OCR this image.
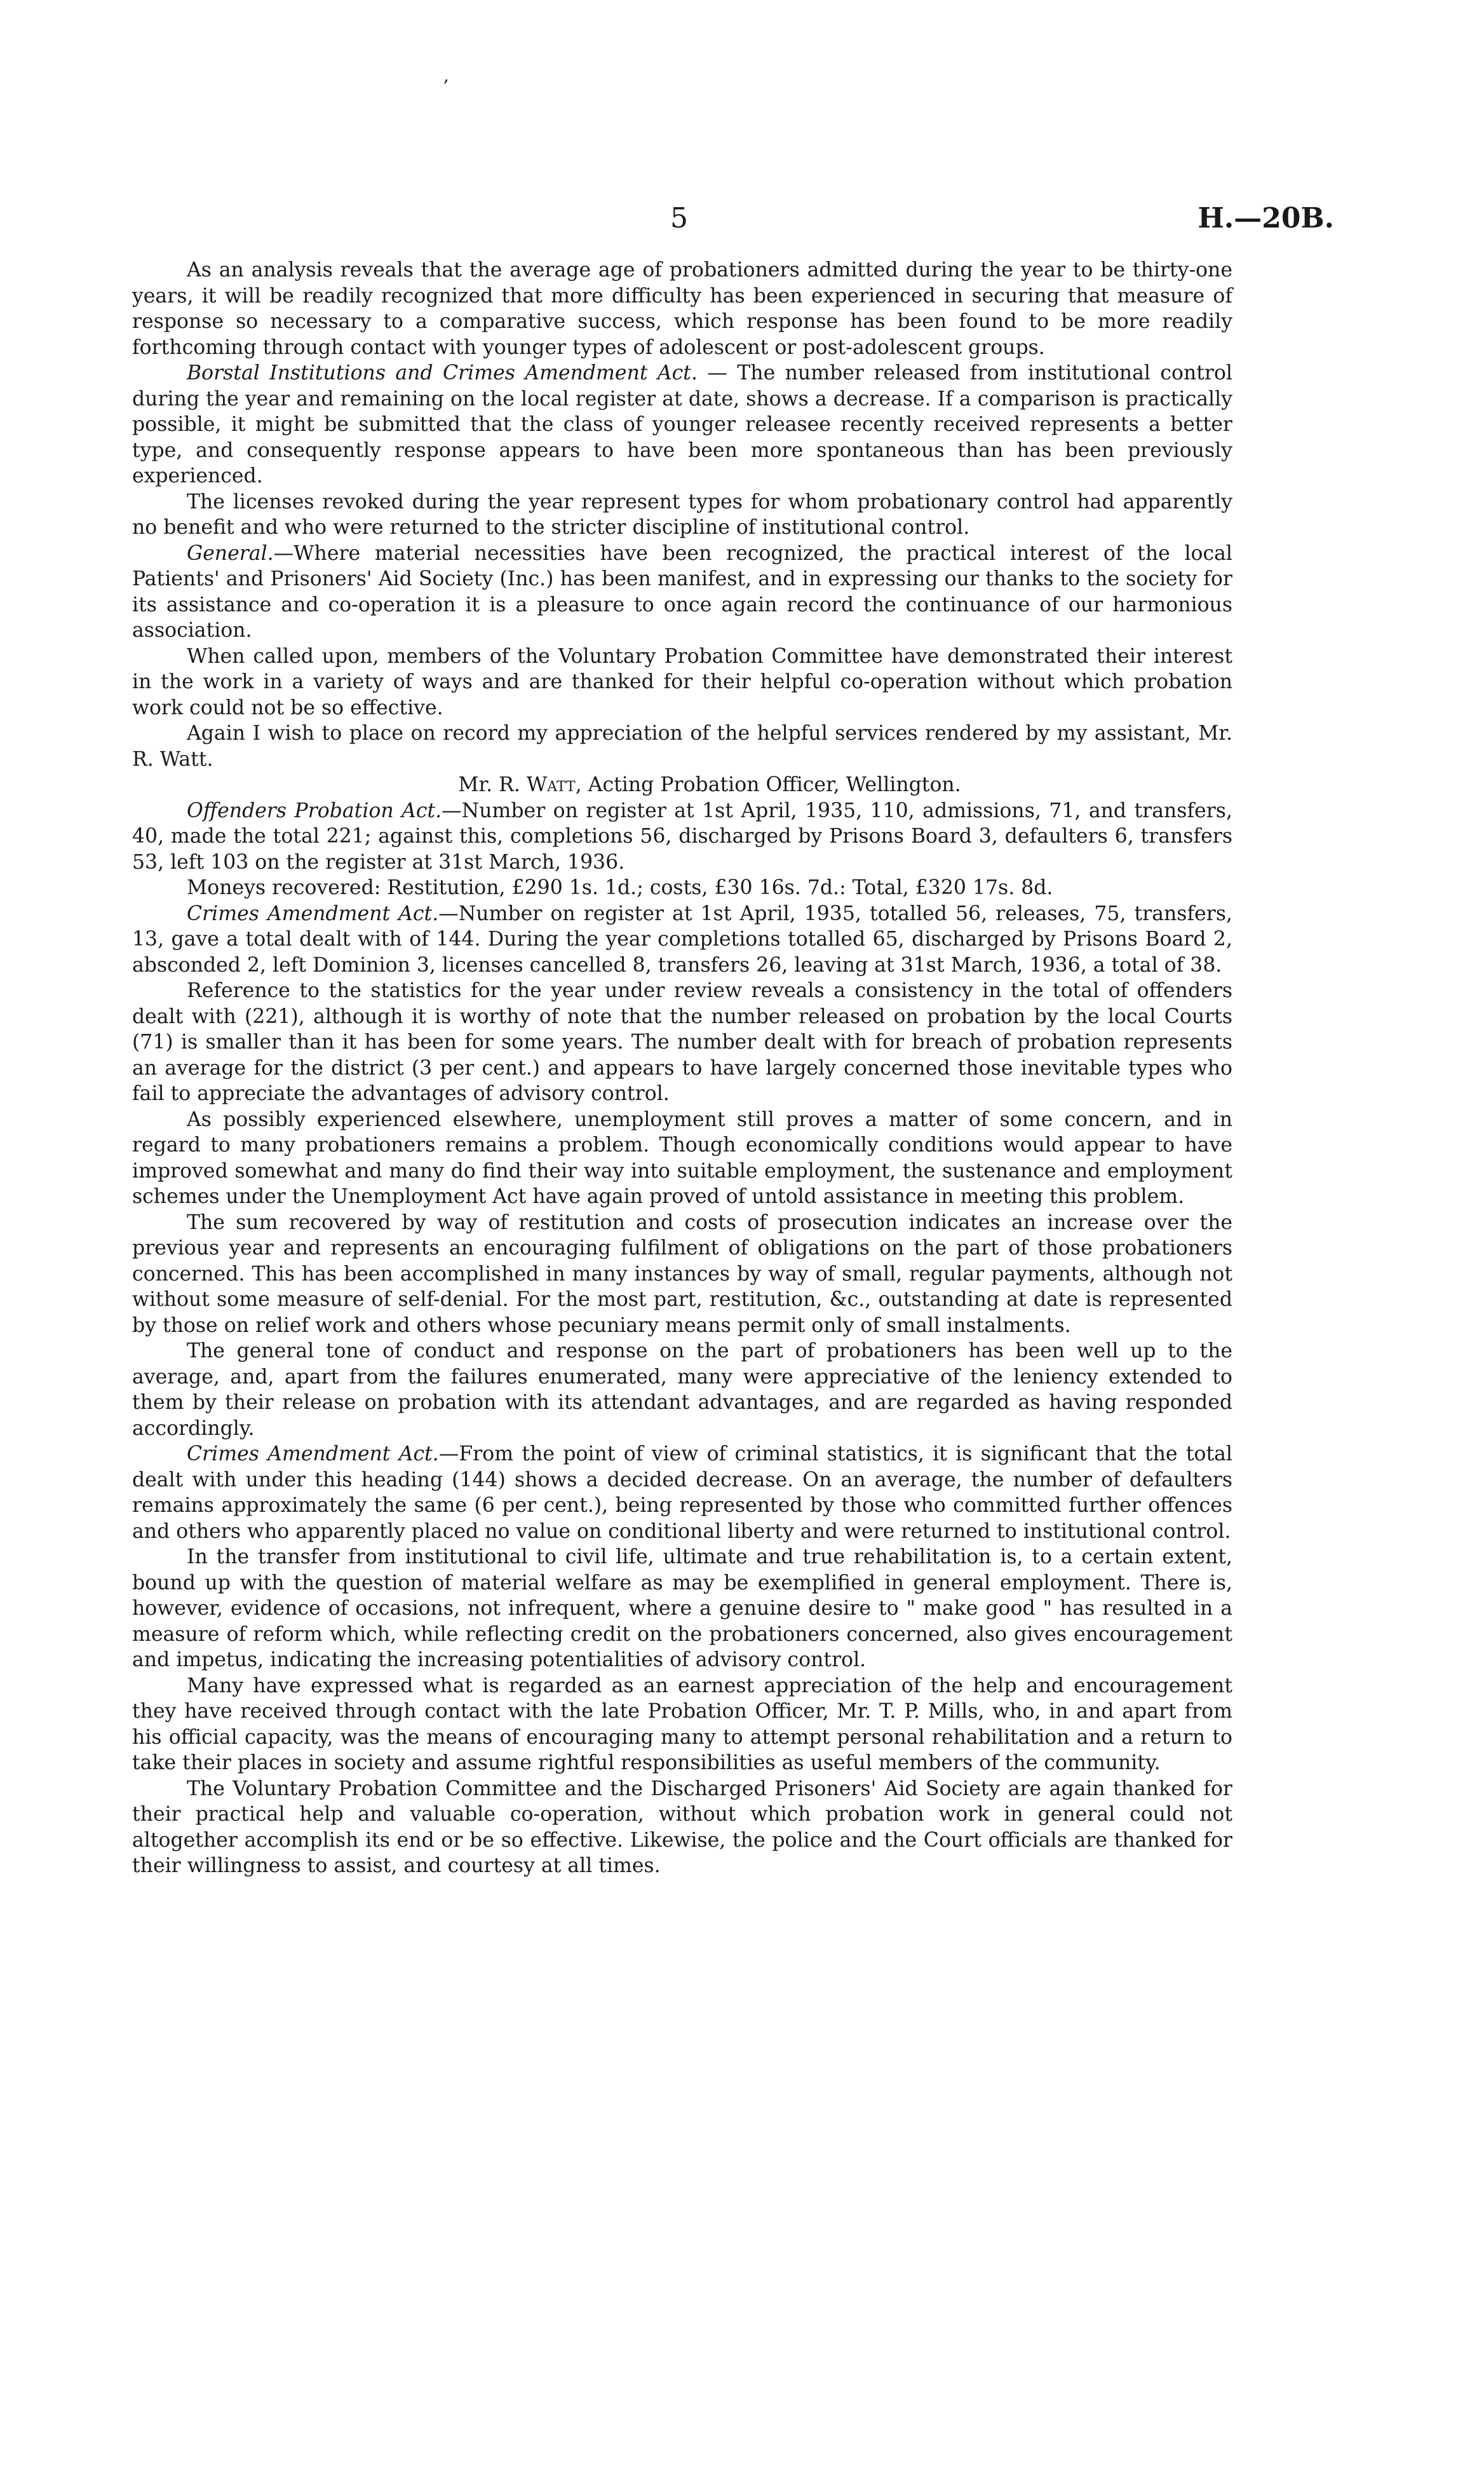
,
5	H.—20B.

As an analysis reveals that the average age of probationers admitted during the year to be thirty-one years, it will be readily recognized that more difficulty has been experienced in securing that measure of response so necessary to a comparative success, which response has been found to be more readily forthcoming through contact with younger types of adolescent or post-adolescent groups.

Borstal Institutions and Crimes Amendment Act. — The number released from institutional control during the year and remaining on the local register at date, shows a decrease. If a comparison is practically possible, it might be submitted that the class of younger releasee recently received represents a better type, and consequently response appears to have been more spontaneous than has been previously experienced.

The licenses revoked during the year represent types for whom probationary control had apparently no benefit and who were returned to the stricter discipline of institutional control.

General.—Where material necessities have been recognized, the practical interest of the local Patients' and Prisoners' Aid Society (Inc.) has been manifest, and in expressing our thanks to the society for its assistance and co-operation it is a pleasure to once again record the continuance of our harmonious association.

When called upon, members of the Voluntary Probation Committee have demonstrated their interest in the work in a variety of ways and are thanked for their helpful co-operation without which probation work could not be so effective.

Again I wish to place on record my appreciation of the helpful services rendered by my assistant, Mr. R. Watt.

Mr. R. Watt, Acting Probation Officer, Wellington.

Offenders Probation Act.—Number on register at 1st April, 1935, 110, admissions, 71, and transfers, 40, made the total 221; against this, completions 56, discharged by Prisons Board 3, defaulters 6, transfers 53, left 103 on the register at 31st March, 1936.

Moneys recovered: Restitution, £290 1s. 1d.; costs, £30 16s. 7d.: Total, £320 17s. 8d.

Crimes Amendment Act.—Number on register at 1st April, 1935, totalled 56, releases, 75, transfers, 13, gave a total dealt with of 144. During the year completions totalled 65, discharged by Prisons Board 2, absconded 2, left Dominion 3, licenses cancelled 8, transfers 26, leaving at 31st March, 1936, a total of 38.

Reference to the statistics for the year under review reveals a consistency in the total of offenders dealt with (221), although it is worthy of note that the number released on probation by the local Courts (71) is smaller than it has been for some years. The number dealt with for breach of probation represents an average for the district (3 per cent.) and appears to have largely concerned those inevitable types who fail to appreciate the advantages of advisory control.

As possibly experienced elsewhere, unemployment still proves a matter of some concern, and in regard to many probationers remains a problem. Though economically conditions would appear to have improved somewhat and many do find their way into suitable employment, the sustenance and employment schemes under the Unemployment Act have again proved of untold assistance in meeting this problem.

The sum recovered by way of restitution and costs of prosecution indicates an increase over the previous year and represents an encouraging fulfilment of obligations on the part of those probationers concerned. This has been accomplished in many instances by way of small, regular payments, although not without some measure of self-denial. For the most part, restitution, &c., outstanding at date is represented by those on relief work and others whose pecuniary means permit only of small instalments.

The general tone of conduct and response on the part of probationers has been well up to the average, and, apart from the failures enumerated, many were appreciative of the leniency extended to them by their release on probation with its attendant advantages, and are regarded as having responded accordingly.

Crimes Amendment Act.—From the point of view of criminal statistics, it is significant that the total dealt with under this heading (144) shows a decided decrease. On an average, the number of defaulters remains approximately the same (6 per cent.), being represented by those who committed further offences and others who apparently placed no value on conditional liberty and were returned to institutional control.

In the transfer from institutional to civil life, ultimate and true rehabilitation is, to a certain extent, bound up with the question of material welfare as may be exemplified in general employment. There is, however, evidence of occasions, not infrequent, where a genuine desire to " make good " has resulted in a measure of reform which, while reflecting credit on the probationers concerned, also gives encouragement and impetus, indicating the increasing potentialities of advisory control.

Many have expressed what is regarded as an earnest appreciation of the help and encouragement they have received through contact with the late Probation Officer, Mr. T. P. Mills, who, in and apart from his official capacity, was the means of encouraging many to attempt personal rehabilitation and a return to take their places in society and assume rightful responsibilities as useful members of the community.

The Voluntary Probation Committee and the Discharged Prisoners' Aid Society are again thanked for their practical help and valuable co-operation, without which probation work in general could not altogether accomplish its end or be so effective. Likewise, the police and the Court officials are thanked for their willingness to assist, and courtesy at all times.
